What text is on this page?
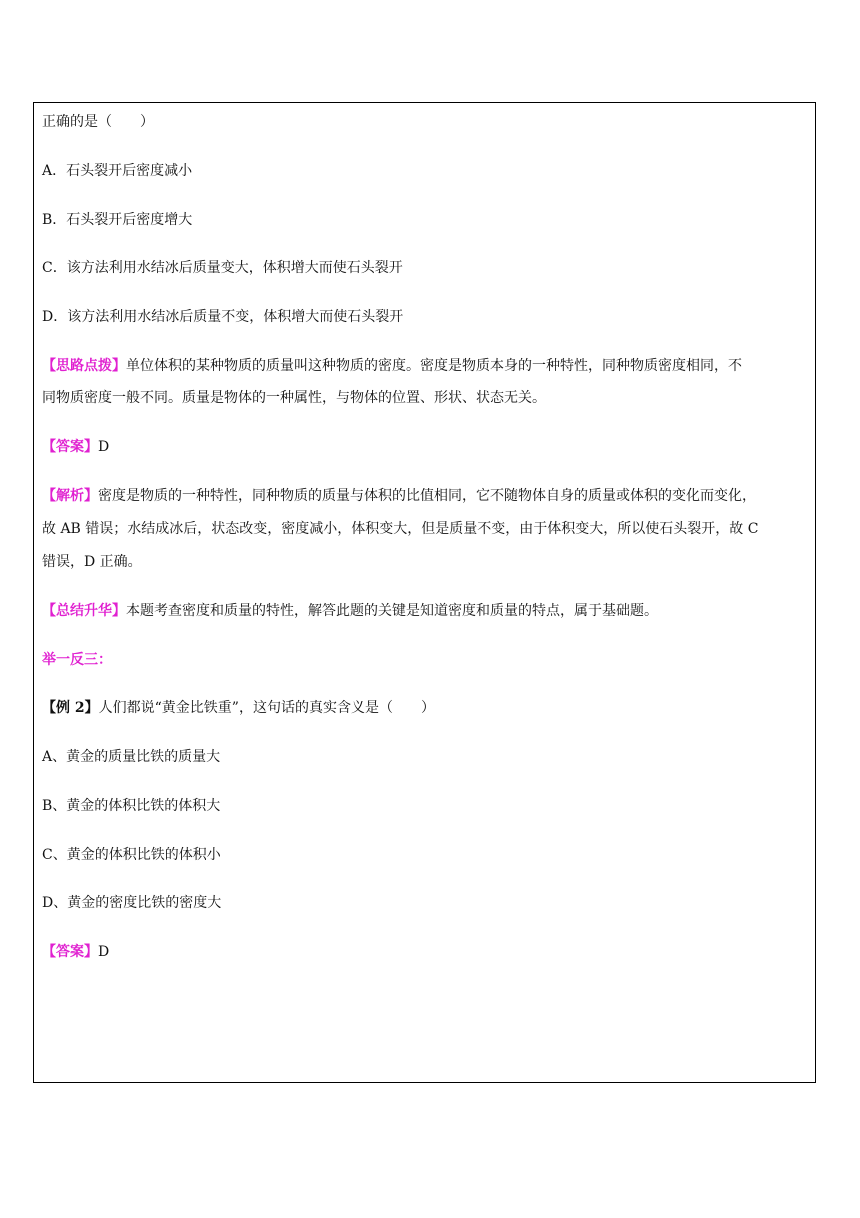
正确的是（　　）
A．石头裂开后密度减小
B．石头裂开后密度增大
C．该方法利用水结冰后质量变大，体积增大而使石头裂开
D．该方法利用水结冰后质量不变，体积增大而使石头裂开
【思路点拨】单位体积的某种物质的质量叫这种物质的密度。密度是物质本身的一种特性，同种物质密度相同，不
同物质密度一般不同。质量是物体的一种属性，与物体的位置、形状、状态无关。
【答案】D
【解析】密度是物质的一种特性，同种物质的质量与体积的比值相同，它不随物体自身的质量或体积的变化而变化，
故 AB 错误；水结成冰后，状态改变，密度减小，体积变大，但是质量不变，由于体积变大，所以使石头裂开，故 C
错误，D 正确。
【总结升华】本题考查密度和质量的特性，解答此题的关键是知道密度和质量的特点，属于基础题。
举一反三：
【例 2】人们都说“黄金比铁重”，这句话的真实含义是（　　）
A、黄金的质量比铁的质量大
B、黄金的体积比铁的体积大
C、黄金的体积比铁的体积小
D、黄金的密度比铁的密度大
【答案】D
